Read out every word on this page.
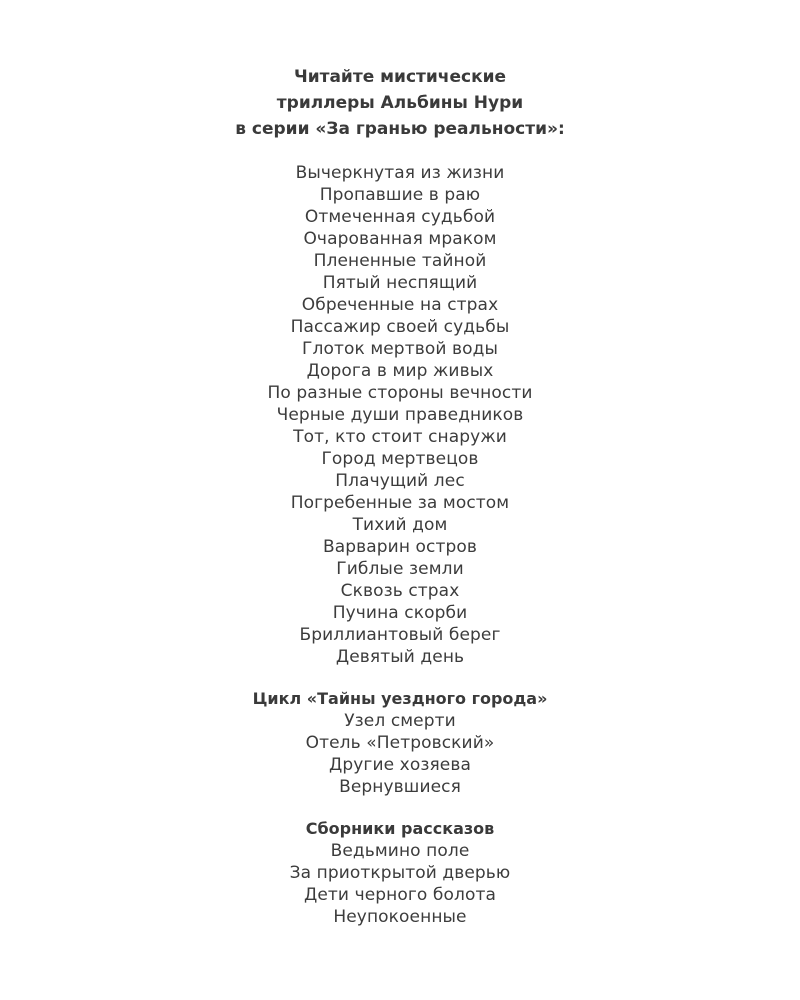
Читайте мистические
триллеры Альбины Нури
в серии «За гранью реальности»:
Вычеркнутая из жизни
Пропавшие в раю
Отмеченная судьбой
Очарованная мраком
Плененные тайной
Пятый неспящий
Обреченные на страх
Пассажир своей судьбы
Глоток мертвой воды
Дорога в мир живых
По разные стороны вечности
Черные души праведников
Тот, кто стоит снаружи
Город мертвецов
Плачущий лес
Погребенные за мостом
Тихий дом
Варварин остров
Гиблые земли
Сквозь страх
Пучина скорби
Бриллиантовый берег
Девятый день
Цикл «Тайны уездного города»
Узел смерти
Отель «Петровский»
Другие хозяева
Вернувшиеся
Сборники рассказов
Ведьмино поле
За приоткрытой дверью
Дети черного болота
Неупокоенные
